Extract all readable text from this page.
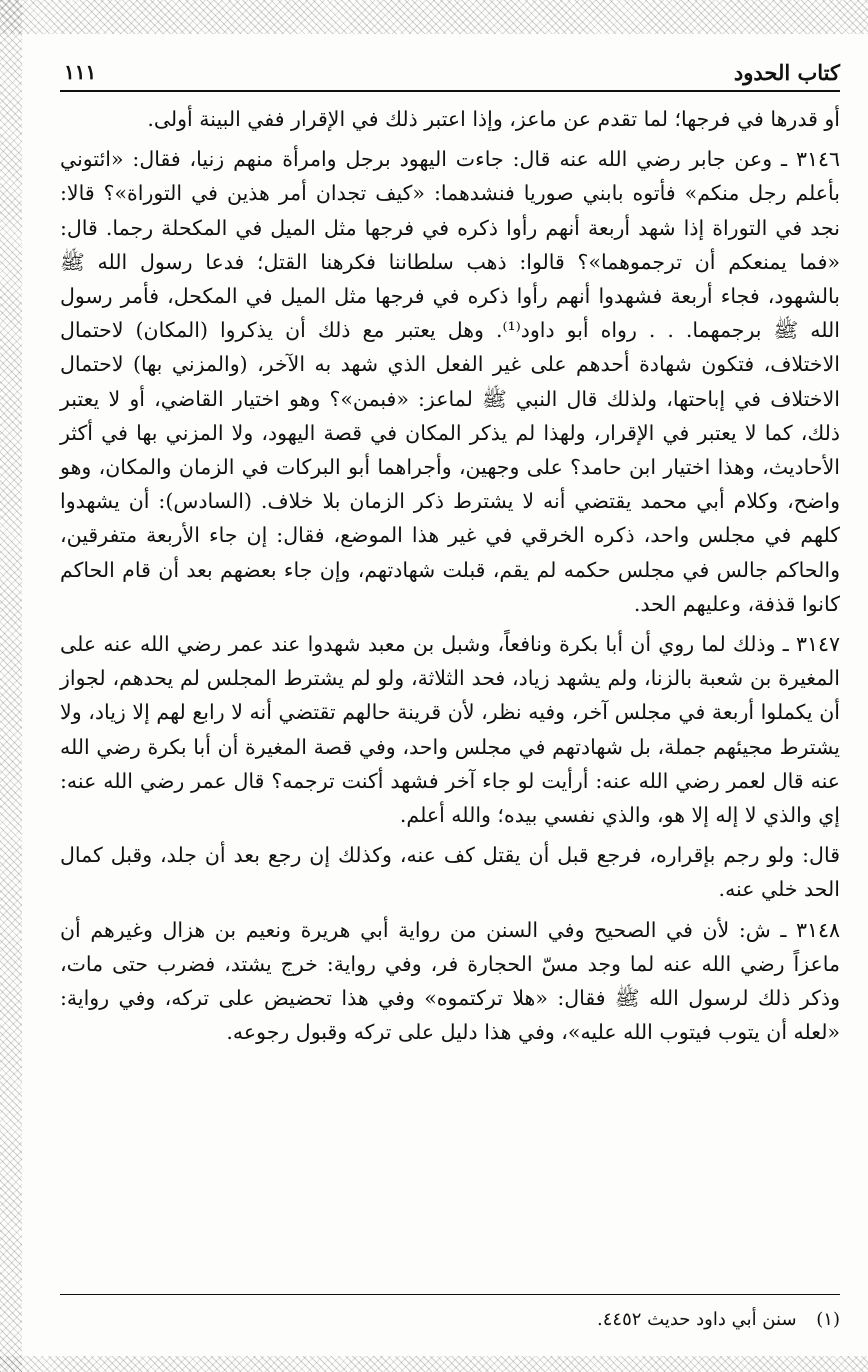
كتاب الحدود
١١١

أو قدرها في فرجها؛ لما تقدم عن ماعز، وإذا اعتبر ذلك في الإقرار ففي البينة أولى.

٣١٤٦ ـ وعن جابر رضي الله عنه قال: جاءت اليهود برجل وامرأة منهم زنيا، فقال: «ائتوني بأعلم رجل منكم» فأتوه بابني صوريا فنشدهما: «كيف تجدان أمر هذين في التوراة»؟ قالا: نجد في التوراة إذا شهد أربعة أنهم رأوا ذكره في فرجها مثل الميل في المكحلة رجما. قال: «فما يمنعكم أن ترجموهما»؟ قالوا: ذهب سلطاننا فكرهنا القتل؛ فدعا رسول الله ﷺ بالشهود، فجاء أربعة فشهدوا أنهم رأوا ذكره في فرجها مثل الميل في المكحل، فأمر رسول الله ﷺ برجمهما. . . رواه أبو داود⁽¹⁾. وهل يعتبر مع ذلك أن يذكروا (المكان) لاحتمال الاختلاف، فتكون شهادة أحدهم على غير الفعل الذي شهد به الآخر، (والمزني بها) لاحتمال الاختلاف في إباحتها، ولذلك قال النبي ﷺ لماعز: «فبمن»؟ وهو اختيار القاضي، أو لا يعتبر ذلك، كما لا يعتبر في الإقرار، ولهذا لم يذكر المكان في قصة اليهود، ولا المزني بها في أكثر الأحاديث، وهذا اختيار ابن حامد؟ على وجهين، وأجراهما أبو البركات في الزمان والمكان، وهو واضح، وكلام أبي محمد يقتضي أنه لا يشترط ذكر الزمان بلا خلاف. (السادس): أن يشهدوا كلهم في مجلس واحد، ذكره الخرقي في غير هذا الموضع، فقال: إن جاء الأربعة متفرقين، والحاكم جالس في مجلس حكمه لم يقم، قبلت شهادتهم، وإن جاء بعضهم بعد أن قام الحاكم كانوا قذفة، وعليهم الحد.

٣١٤٧ ـ وذلك لما روي أن أبا بكرة ونافعاً، وشبل بن معبد شهدوا عند عمر رضي الله عنه على المغيرة بن شعبة بالزنا، ولم يشهد زياد، فحد الثلاثة، ولو لم يشترط المجلس لم يحدهم، لجواز أن يكملوا أربعة في مجلس آخر، وفيه نظر، لأن قرينة حالهم تقتضي أنه لا رابع لهم إلا زياد، ولا يشترط مجيئهم جملة، بل شهادتهم في مجلس واحد، وفي قصة المغيرة أن أبا بكرة رضي الله عنه قال لعمر رضي الله عنه: أرأيت لو جاء آخر فشهد أكنت ترجمه؟ قال عمر رضي الله عنه: إي والذي لا إله إلا هو، والذي نفسي بيده؛ والله أعلم.

قال: ولو رجم بإقراره، فرجع قبل أن يقتل كف عنه، وكذلك إن رجع بعد أن جلد، وقبل كمال الحد خلي عنه.

٣١٤٨ ـ ش: لأن في الصحيح وفي السنن من رواية أبي هريرة ونعيم بن هزال وغيرهم أن ماعزاً رضي الله عنه لما وجد مسّ الحجارة فر، وفي رواية: خرج يشتد، فضرب حتى مات، وذكر ذلك لرسول الله ﷺ فقال: «هلا تركتموه» وفي هذا تحضيض على تركه، وفي رواية: «لعله أن يتوب فيتوب الله عليه»، وفي هذا دليل على تركه وقبول رجوعه.

(١) سنن أبي داود حديث ٤٤٥٢.
